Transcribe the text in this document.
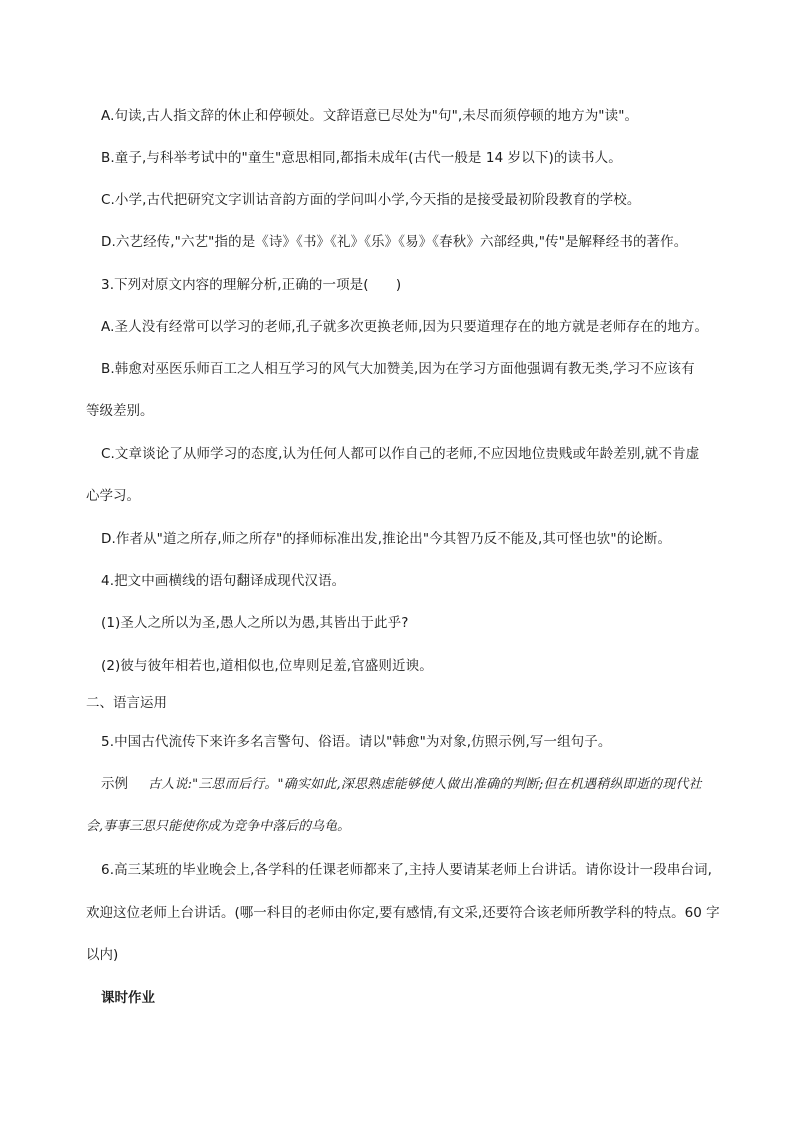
A.句读,古人指文辞的休止和停顿处。文辞语意已尽处为"句",未尽而须停顿的地方为"读"。
B.童子,与科举考试中的"童生"意思相同,都指未成年(古代一般是 14 岁以下)的读书人。
C.小学,古代把研究文字训诂音韵方面的学问叫小学,今天指的是接受最初阶段教育的学校。
D.六艺经传,"六艺"指的是《诗》《书》《礼》《乐》《易》《春秋》六部经典,"传"是解释经书的著作。
3.下列对原文内容的理解分析,正确的一项是(　　)
A.圣人没有经常可以学习的老师,孔子就多次更换老师,因为只要道理存在的地方就是老师存在的地方。
B.韩愈对巫医乐师百工之人相互学习的风气大加赞美,因为在学习方面他强调有教无类,学习不应该有
等级差别。
C.文章谈论了从师学习的态度,认为任何人都可以作自己的老师,不应因地位贵贱或年龄差别,就不肯虚
心学习。
D.作者从"道之所存,师之所存"的择师标准出发,推论出"今其智乃反不能及,其可怪也欤"的论断。
4.把文中画横线的语句翻译成现代汉语。
(1)圣人之所以为圣,愚人之所以为愚,其皆出于此乎?
(2)彼与彼年相若也,道相似也,位卑则足羞,官盛则近谀。
二、语言运用
5.中国古代流传下来许多名言警句、俗语。请以"韩愈"为对象,仿照示例,写一组句子。
示例 古人说:"三思而后行。"确实如此,深思熟虑能够使人做出准确的判断;但在机遇稍纵即逝的现代社
会,事事三思只能使你成为竞争中落后的乌龟。
6.高三某班的毕业晚会上,各学科的任课老师都来了,主持人要请某老师上台讲话。请你设计一段串台词,
欢迎这位老师上台讲话。(哪一科目的老师由你定,要有感情,有文采,还要符合该老师所教学科的特点。60 字
以内)
课时作业
